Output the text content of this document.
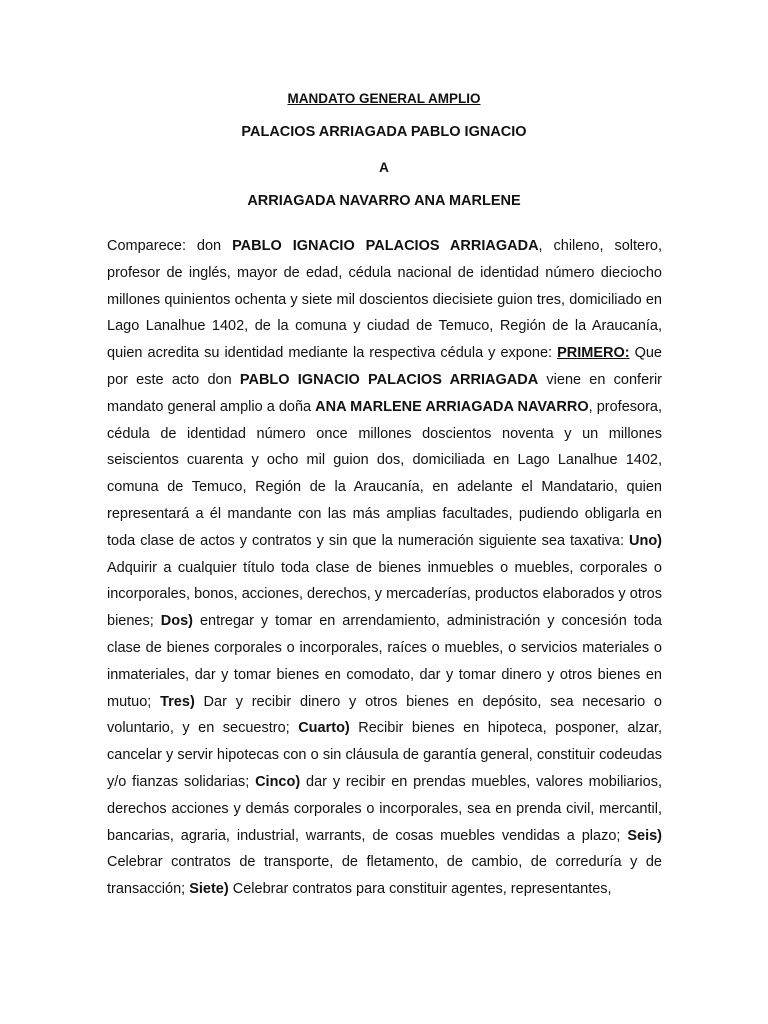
MANDATO GENERAL AMPLIO
PALACIOS ARRIAGADA PABLO IGNACIO
A
ARRIAGADA NAVARRO ANA MARLENE

Comparece: don PABLO IGNACIO PALACIOS ARRIAGADA, chileno, soltero, profesor de inglés, mayor de edad, cédula nacional de identidad número dieciocho millones quinientos ochenta y siete mil doscientos diecisiete guion tres, domiciliado en Lago Lanalhue 1402, de la comuna y ciudad de Temuco, Región de la Araucanía, quien acredita su identidad mediante la respectiva cédula y expone: PRIMERO: Que por este acto don PABLO IGNACIO PALACIOS ARRIAGADA viene en conferir mandato general amplio a doña ANA MARLENE ARRIAGADA NAVARRO, profesora, cédula de identidad número once millones doscientos noventa y un millones seiscientos cuarenta y ocho mil guion dos, domiciliada en Lago Lanalhue 1402, comuna de Temuco, Región de la Araucanía, en adelante el Mandatario, quien representará a él mandante con las más amplias facultades, pudiendo obligarla en toda clase de actos y contratos y sin que la numeración siguiente sea taxativa: Uno) Adquirir a cualquier título toda clase de bienes inmuebles o muebles, corporales o incorporales, bonos, acciones, derechos, y mercaderías, productos elaborados y otros bienes; Dos) entregar y tomar en arrendamiento, administración y concesión toda clase de bienes corporales o incorporales, raíces o muebles, o servicios materiales o inmateriales, dar y tomar bienes en comodato, dar y tomar dinero y otros bienes en mutuo; Tres) Dar y recibir dinero y otros bienes en depósito, sea necesario o voluntario, y en secuestro; Cuarto) Recibir bienes en hipoteca, posponer, alzar, cancelar y servir hipotecas con o sin cláusula de garantía general, constituir codeudas y/o fianzas solidarias; Cinco) dar y recibir en prendas muebles, valores mobiliarios, derechos acciones y demás corporales o incorporales, sea en prenda civil, mercantil, bancarias, agraria, industrial, warrants, de cosas muebles vendidas a plazo; Seis) Celebrar contratos de transporte, de fletamento, de cambio, de correduría y de transacción; Siete) Celebrar contratos para constituir agentes, representantes,
